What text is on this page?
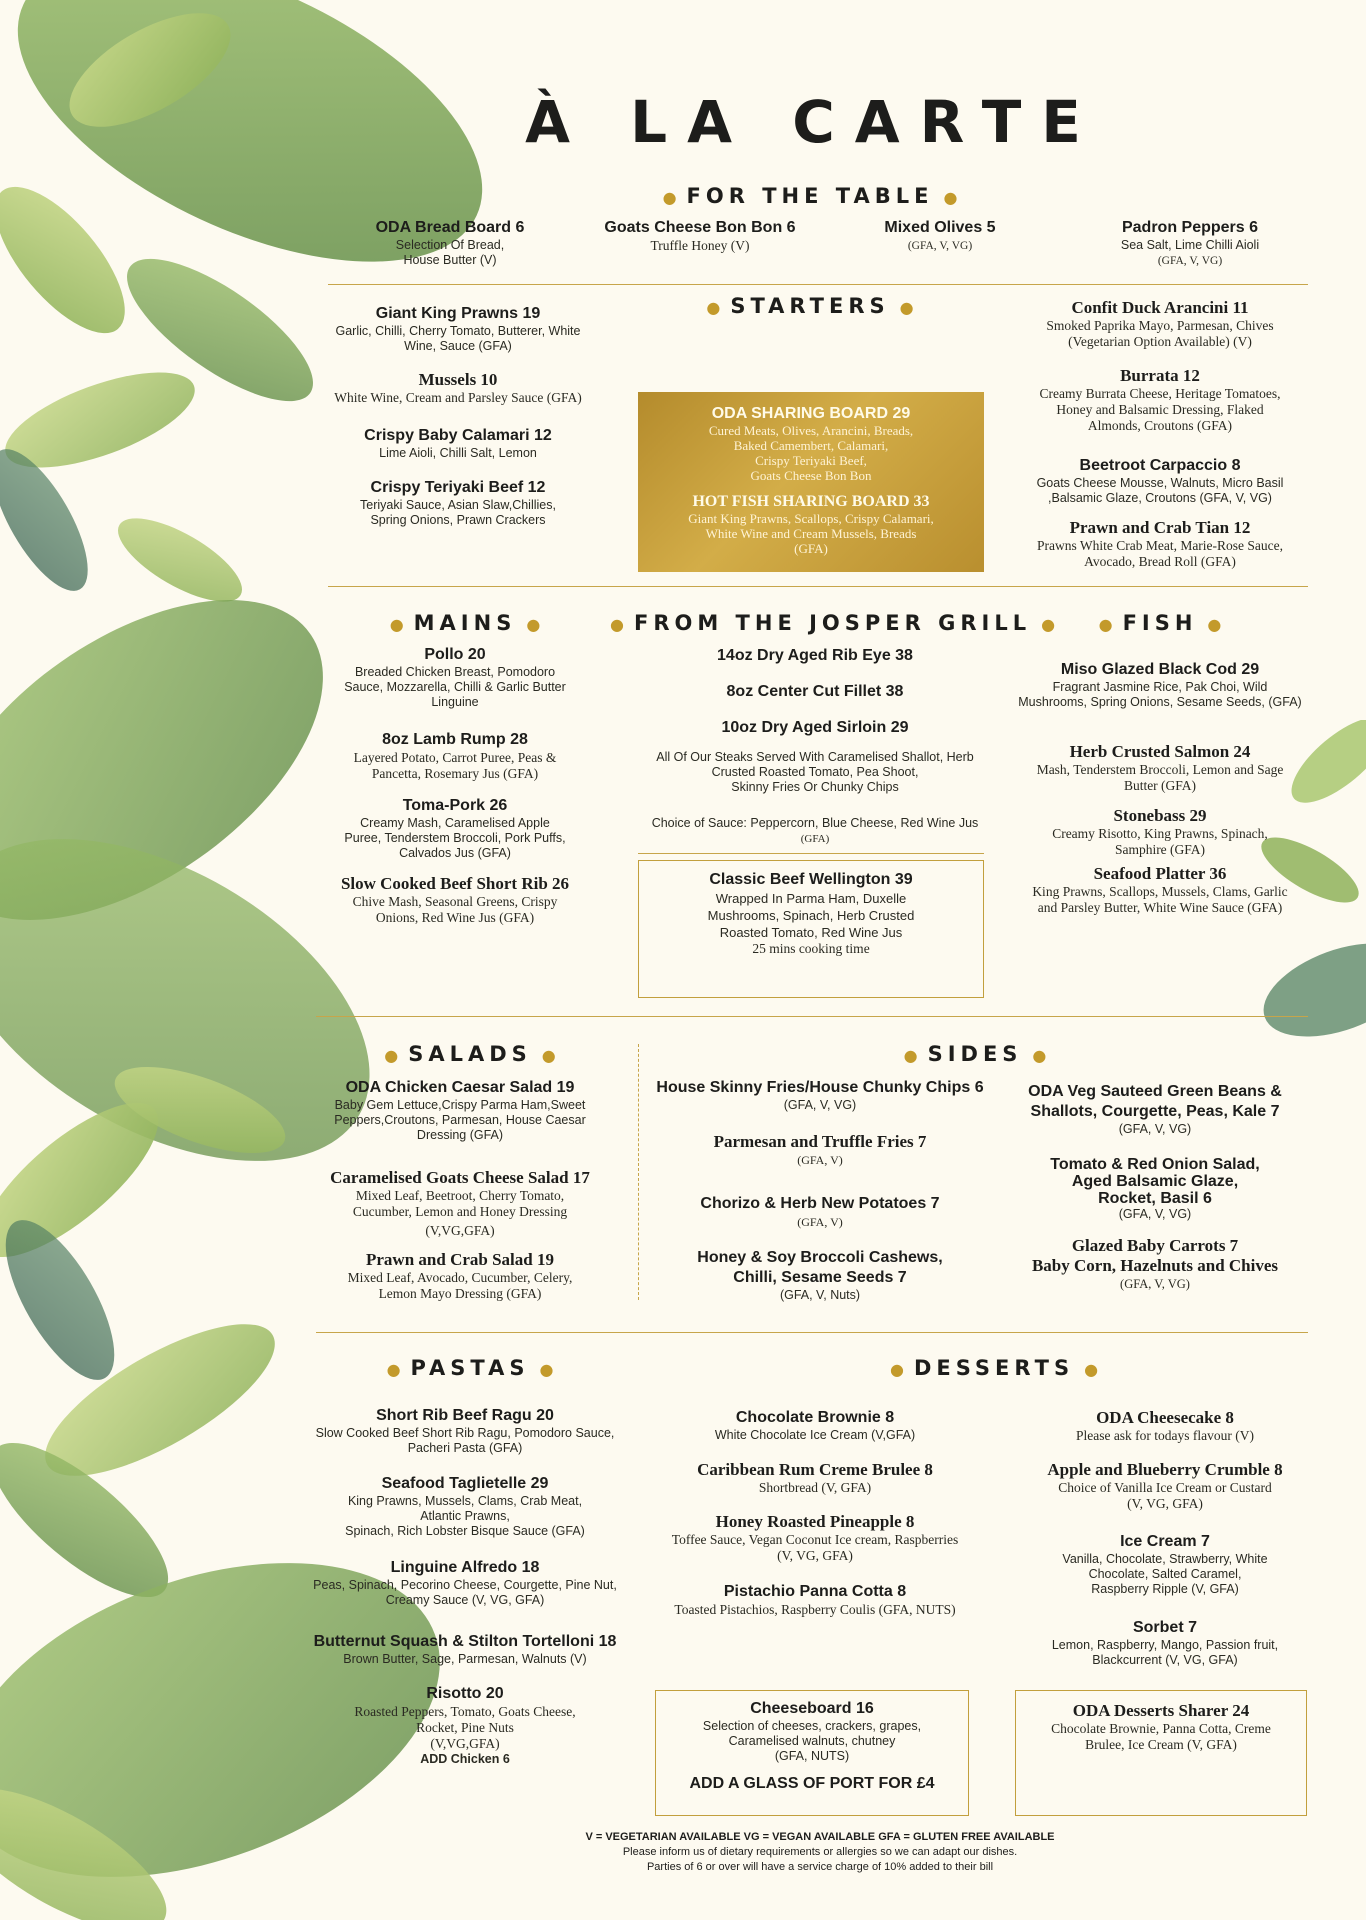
À LA CARTE
● FOR THE TABLE ●
ODA Bread Board 6
Selection Of Bread,
House Butter (V)
Goats Cheese Bon Bon 6
Truffle Honey (V)
Mixed Olives 5
(GFA, V, VG)
Padron Peppers 6
Sea Salt, Lime Chilli Aioli
(GFA, V, VG)
● STARTERS ●
Giant King Prawns 19
Garlic, Chilli, Cherry Tomato, Butterer, White
Wine, Sauce (GFA)
Mussels 10
White Wine, Cream and Parsley Sauce (GFA)
Crispy Baby Calamari 12
Lime Aioli, Chilli Salt, Lemon
Crispy Teriyaki Beef 12
Teriyaki Sauce, Asian Slaw,Chillies,
Spring Onions, Prawn Crackers
ODA SHARING BOARD 29
Cured Meats, Olives, Arancini, Breads,
Baked Camembert, Calamari,
Crispy Teriyaki Beef,
Goats Cheese Bon Bon
HOT FISH SHARING BOARD 33
Giant King Prawns, Scallops, Crispy Calamari,
White Wine and Cream Mussels, Breads
(GFA)
Confit Duck Arancini 11
Smoked Paprika Mayo, Parmesan, Chives
(Vegetarian Option Available) (V)
Burrata 12
Creamy Burrata Cheese, Heritage Tomatoes,
Honey and Balsamic Dressing, Flaked
Almonds, Croutons (GFA)
Beetroot Carpaccio 8
Goats Cheese Mousse, Walnuts, Micro Basil
,Balsamic Glaze, Croutons (GFA, V, VG)
Prawn and Crab Tian 12
Prawns White Crab Meat, Marie-Rose Sauce,
Avocado, Bread Roll (GFA)
● MAINS ●
Pollo 20
Breaded Chicken Breast, Pomodoro
Sauce, Mozzarella, Chilli & Garlic Butter
Linguine
8oz Lamb Rump 28
Layered Potato, Carrot Puree, Peas &
Pancetta, Rosemary Jus (GFA)
Toma-Pork 26
Creamy Mash, Caramelised Apple
Puree, Tenderstem Broccoli, Pork Puffs,
Calvados Jus (GFA)
Slow Cooked Beef Short Rib 26
Chive Mash, Seasonal Greens, Crispy
Onions, Red Wine Jus (GFA)
● FROM THE JOSPER GRILL ●
14oz Dry Aged Rib Eye 38
8oz Center Cut Fillet 38
10oz Dry Aged Sirloin 29
All Of Our Steaks Served With Caramelised Shallot, Herb
Crusted Roasted Tomato, Pea Shoot,
Skinny Fries Or Chunky Chips
Choice of Sauce: Peppercorn, Blue Cheese, Red Wine Jus
(GFA)
Classic Beef Wellington 39
Wrapped In Parma Ham, Duxelle
Mushrooms, Spinach, Herb Crusted
Roasted Tomato, Red Wine Jus
25 mins cooking time
● FISH ●
Miso Glazed Black Cod 29
Fragrant Jasmine Rice, Pak Choi, Wild
Mushrooms, Spring Onions, Sesame Seeds, (GFA)
Herb Crusted Salmon 24
Mash, Tenderstem Broccoli, Lemon and Sage
Butter (GFA)
Stonebass 29
Creamy Risotto, King Prawns, Spinach,
Samphire (GFA)
Seafood Platter 36
King Prawns, Scallops, Mussels, Clams, Garlic
and Parsley Butter, White Wine Sauce (GFA)
● SALADS ●
ODA Chicken Caesar Salad 19
Baby Gem Lettuce,Crispy Parma Ham,Sweet
Peppers,Croutons, Parmesan, House Caesar
Dressing (GFA)
Caramelised Goats Cheese Salad 17
Mixed Leaf, Beetroot, Cherry Tomato,
Cucumber, Lemon and Honey Dressing
(V,VG,GFA)
Prawn and Crab Salad 19
Mixed Leaf, Avocado, Cucumber, Celery,
Lemon Mayo Dressing (GFA)
● SIDES ●
House Skinny Fries/House Chunky Chips 6
(GFA, V, VG)
Parmesan and Truffle Fries 7
(GFA, V)
Chorizo & Herb New Potatoes 7
(GFA, V)
Honey & Soy Broccoli Cashews,
Chilli, Sesame Seeds 7
(GFA, V, Nuts)
ODA Veg Sauteed Green Beans &
Shallots, Courgette, Peas, Kale 7
(GFA, V, VG)
Tomato & Red Onion Salad,
Aged Balsamic Glaze,
Rocket, Basil 6
(GFA, V, VG)
Glazed Baby Carrots 7
Baby Corn, Hazelnuts and Chives
(GFA, V, VG)
● PASTAS ●
Short Rib Beef Ragu 20
Slow Cooked Beef Short Rib Ragu, Pomodoro Sauce,
Pacheri Pasta (GFA)
Seafood Taglietelle 29
King Prawns, Mussels, Clams, Crab Meat,
Atlantic Prawns,
Spinach, Rich Lobster Bisque Sauce (GFA)
Linguine Alfredo 18
Peas, Spinach, Pecorino Cheese, Courgette, Pine Nut,
Creamy Sauce (V, VG, GFA)
Butternut Squash & Stilton Tortelloni 18
Brown Butter, Sage, Parmesan, Walnuts (V)
Risotto 20
Roasted Peppers, Tomato, Goats Cheese,
Rocket, Pine Nuts
(V,VG,GFA)
ADD Chicken 6
● DESSERTS ●
Chocolate Brownie 8
White Chocolate Ice Cream (V,GFA)
Caribbean Rum Creme Brulee 8
Shortbread (V, GFA)
Honey Roasted Pineapple 8
Toffee Sauce, Vegan Coconut Ice cream, Raspberries
(V, VG, GFA)
Pistachio Panna Cotta 8
Toasted Pistachios, Raspberry Coulis (GFA, NUTS)
ODA Cheesecake 8
Please ask for todays flavour (V)
Apple and Blueberry Crumble 8
Choice of Vanilla Ice Cream or Custard
(V, VG, GFA)
Ice Cream 7
Vanilla, Chocolate, Strawberry, White
Chocolate, Salted Caramel,
Raspberry Ripple (V, GFA)
Sorbet 7
Lemon, Raspberry, Mango, Passion fruit,
Blackcurrent (V, VG, GFA)
Cheeseboard 16
Selection of cheeses, crackers, grapes,
Caramelised walnuts, chutney
(GFA, NUTS)
ADD A GLASS OF PORT FOR £4
ODA Desserts Sharer 24
Chocolate Brownie, Panna Cotta, Creme
Brulee, Ice Cream (V, GFA)
V = VEGETARIAN AVAILABLE VG = VEGAN AVAILABLE GFA = GLUTEN FREE AVAILABLE
Please inform us of dietary requirements or allergies so we can adapt our dishes.
Parties of 6 or over will have a service charge of 10% added to their bill
